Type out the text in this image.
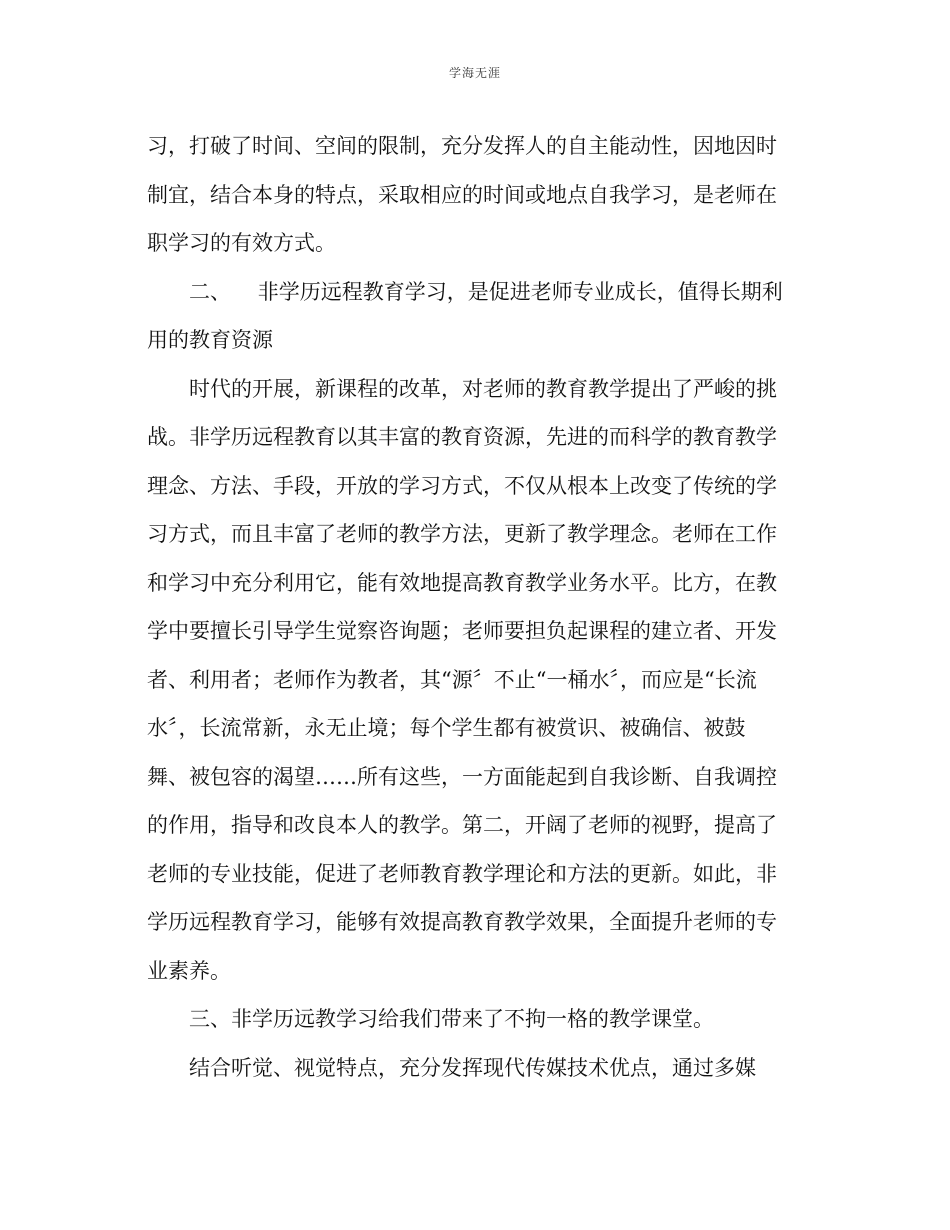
学海无涯
习，打破了时间、空间的限制，充分发挥人的自主能动性，因地因时
制宜，结合本身的特点，采取相应的时间或地点自我学习，是老师在
职学习的有效方式。
二、    非学历远程教育学习，是促进老师专业成长，值得长期利
用的教育资源
时代的开展，新课程的改革，对老师的教育教学提出了严峻的挑
战。非学历远程教育以其丰富的教育资源，先进的而科学的教育教学
理念、方法、手段，开放的学习方式，不仅从根本上改变了传统的学
习方式，而且丰富了老师的教学方法，更新了教学理念。老师在工作
和学习中充分利用它，能有效地提高教育教学业务水平。比方，在教
学中要擅长引导学生觉察咨询题；老师要担负起课程的建立者、开发
者、利用者；老师作为教者，其“源〞不止“一桶水〞，而应是“长流
水〞，长流常新，永无止境；每个学生都有被赏识、被确信、被鼓
舞、被包容的渴望……所有这些，一方面能起到自我诊断、自我调控
的作用，指导和改良本人的教学。第二，开阔了老师的视野，提高了
老师的专业技能，促进了老师教育教学理论和方法的更新。如此，非
学历远程教育学习，能够有效提高教育教学效果，全面提升老师的专
业素养。
三、非学历远教学习给我们带来了不拘一格的教学课堂。
结合听觉、视觉特点，充分发挥现代传媒技术优点，通过多媒
